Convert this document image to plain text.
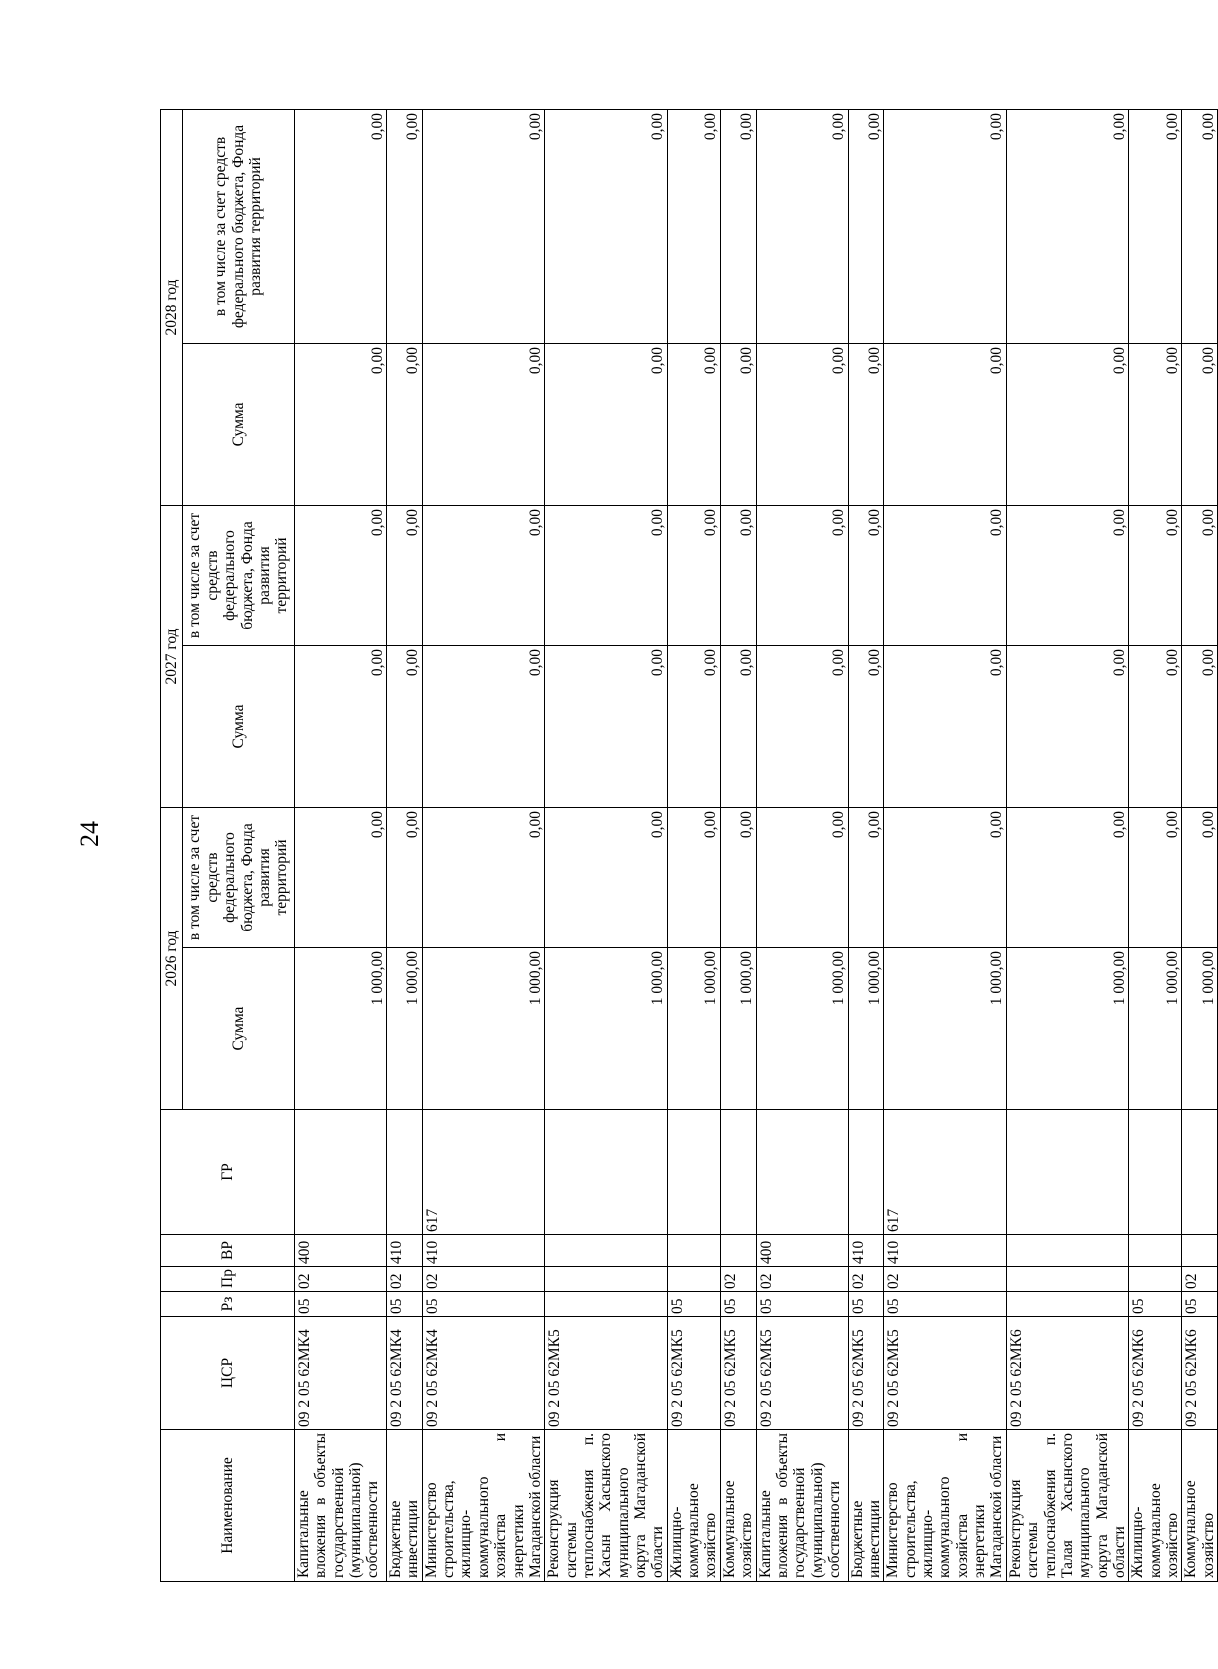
24
Наименование	ЦСР	Рз	Пр	ВР	ГР	2026 год		2027 год		2028 год	
						Сумма	в том числе за счет средств федерального бюджета, Фонда развития территорий	Сумма	в том числе за счет средств федерального бюджета, Фонда развития территорий	Сумма	в том числе за счет средств федерального бюджета, Фонда развития территорий
Капитальные вложения в объекты государственной (муниципальной) собственности	09 2 05 62МК4	05	02	400		1 000,00	0,00	0,00	0,00	0,00	0,00
Бюджетные инвестиции	09 2 05 62МК4	05	02	410		1 000,00	0,00	0,00	0,00	0,00	0,00
Министерство строительства, жилищно-коммунального хозяйства и энергетики Магаданской области	09 2 05 62МК4	05	02	410	617	1 000,00	0,00	0,00	0,00	0,00	0,00
Реконструкция системы теплоснабжения п. Хасын Хасынского муниципального округа Магаданской области	09 2 05 62МК5					1 000,00	0,00	0,00	0,00	0,00	0,00
Жилищно-коммунальное хозяйство	09 2 05 62МК5	05				1 000,00	0,00	0,00	0,00	0,00	0,00
Коммунальное хозяйство	09 2 05 62МК5	05	02			1 000,00	0,00	0,00	0,00	0,00	0,00
Капитальные вложения в объекты государственной (муниципальной) собственности	09 2 05 62МК5	05	02	400		1 000,00	0,00	0,00	0,00	0,00	0,00
Бюджетные инвестиции	09 2 05 62МК5	05	02	410		1 000,00	0,00	0,00	0,00	0,00	0,00
Министерство строительства, жилищно-коммунального хозяйства и энергетики Магаданской области	09 2 05 62МК5	05	02	410	617	1 000,00	0,00	0,00	0,00	0,00	0,00
Реконструкция системы теплоснабжения п. Талая Хасынского муниципального округа Магаданской области	09 2 05 62МК6					1 000,00	0,00	0,00	0,00	0,00	0,00
Жилищно-коммунальное хозяйство	09 2 05 62МК6	05				1 000,00	0,00	0,00	0,00	0,00	0,00
Коммунальное хозяйство	09 2 05 62МК6	05	02			1 000,00	0,00	0,00	0,00	0,00	0,00
